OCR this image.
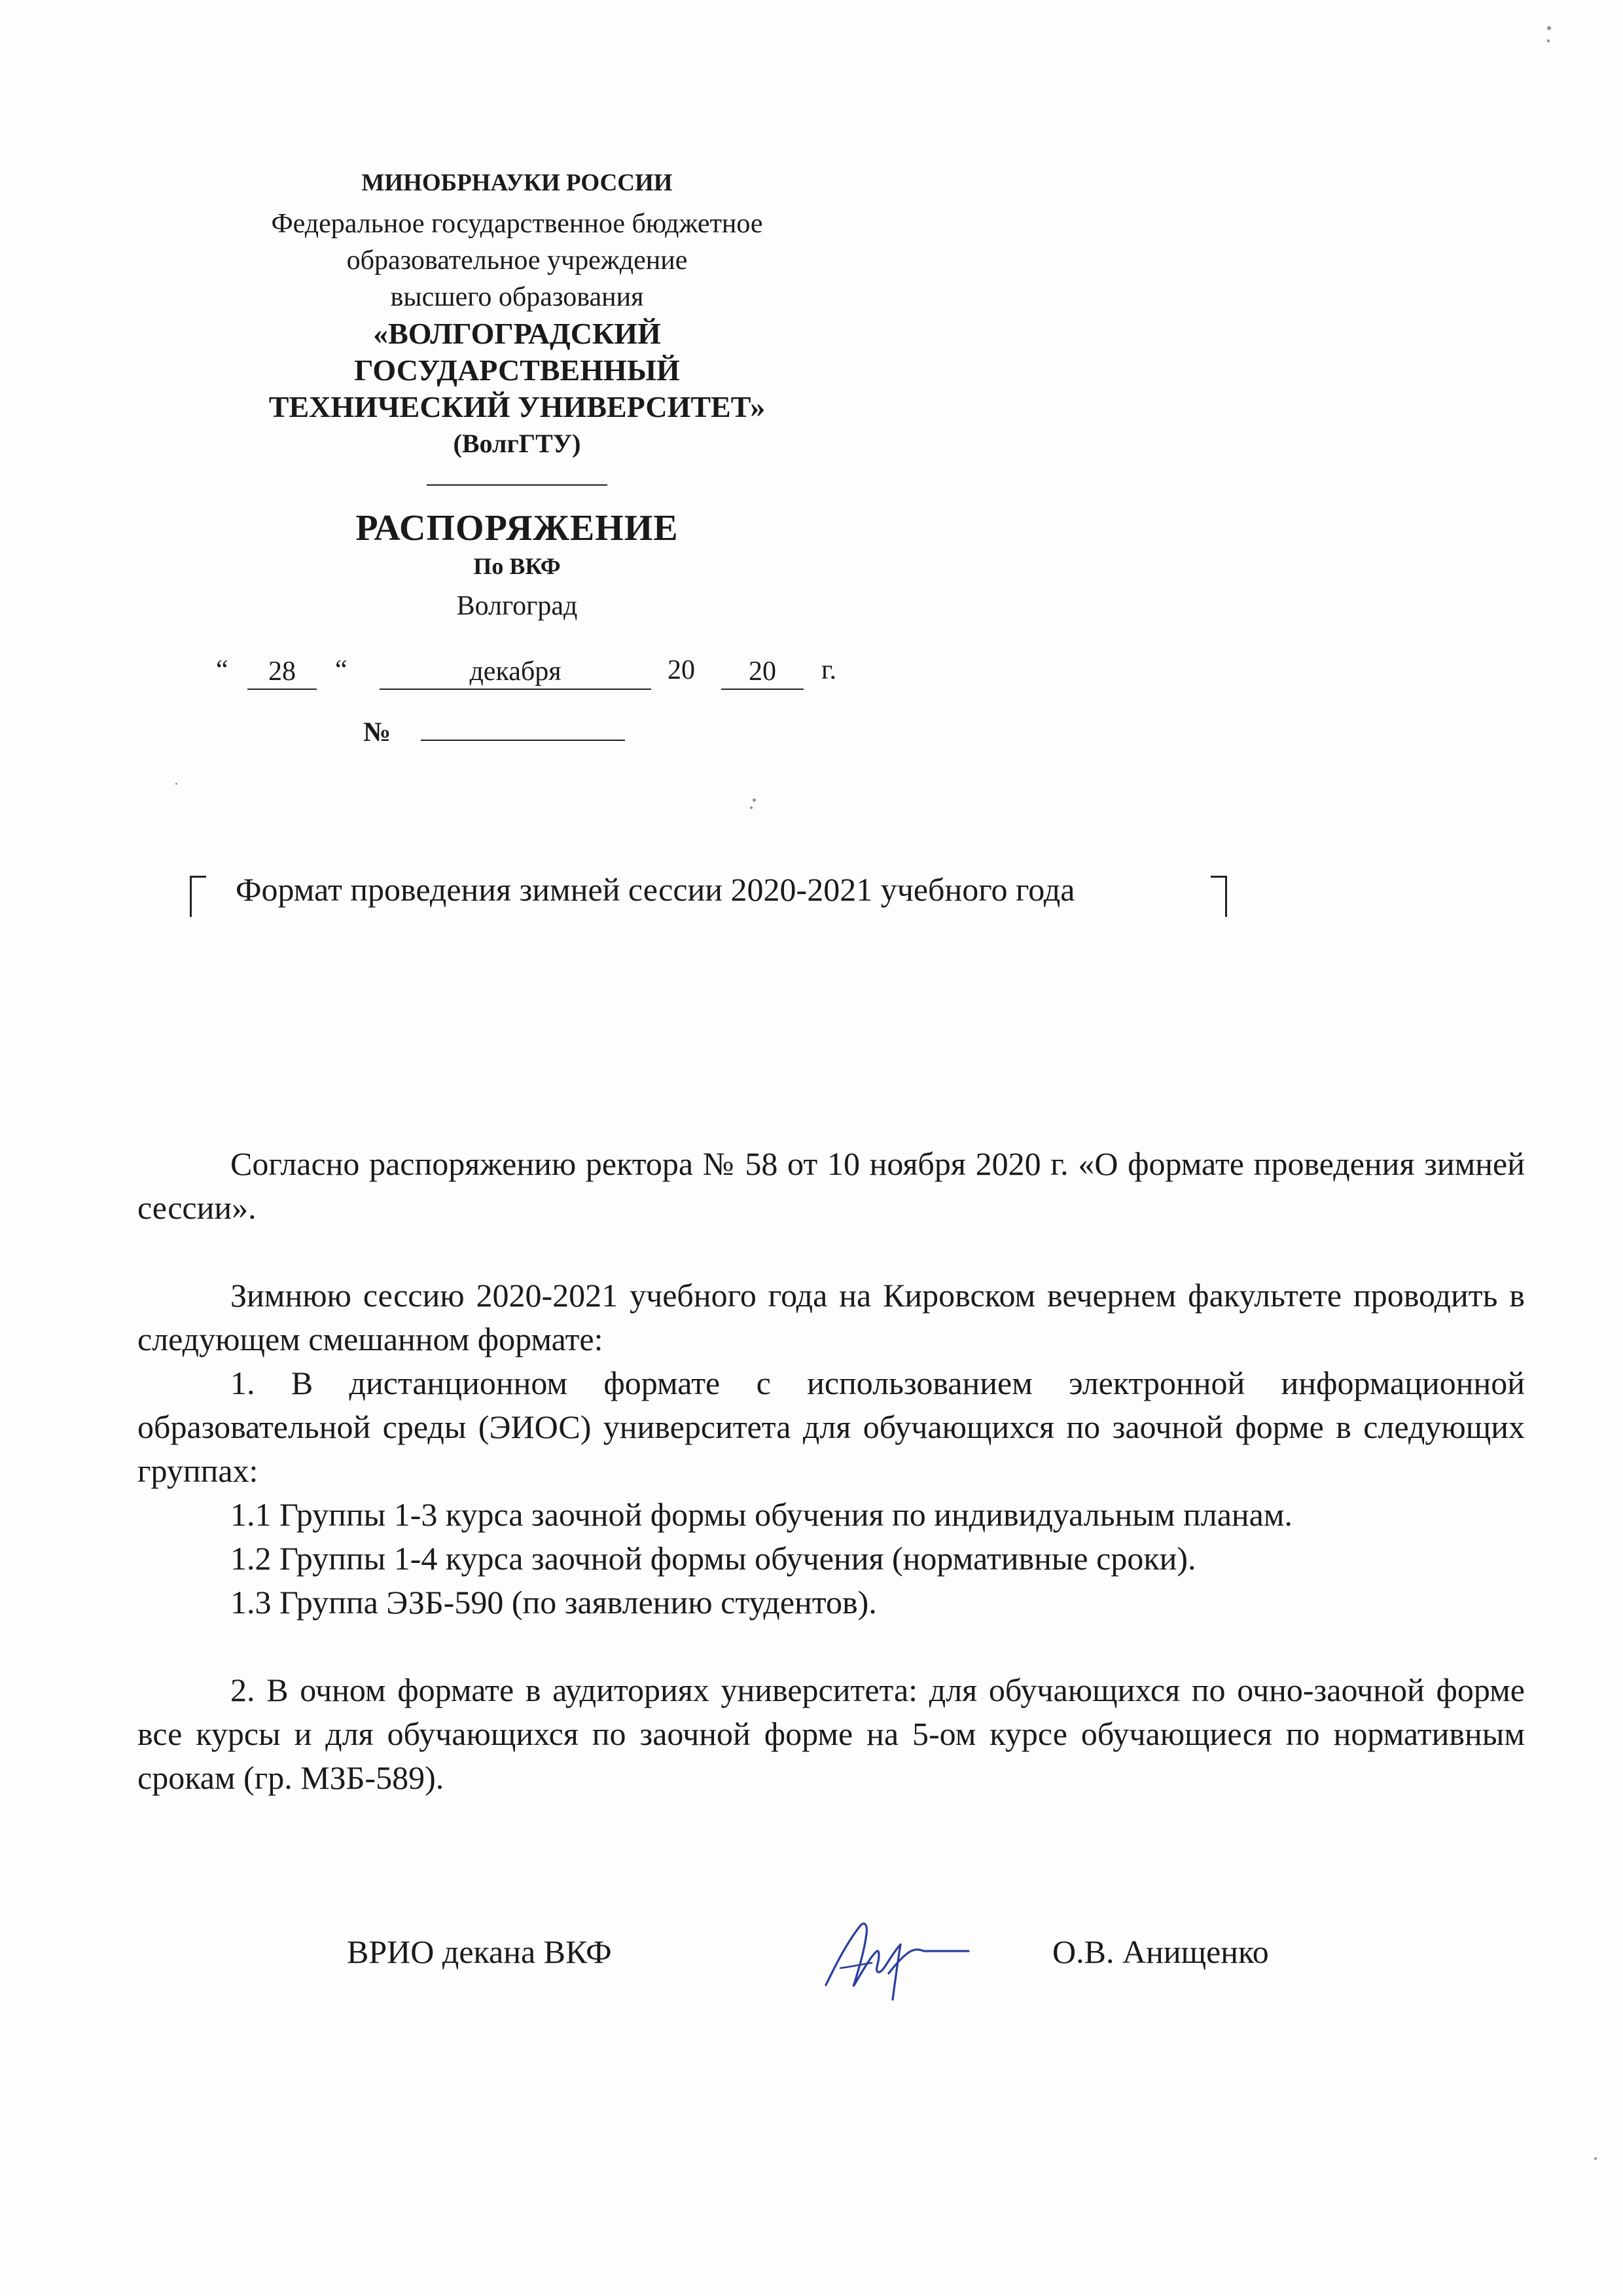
МИНОБРНАУКИ РОССИИ
Федеральное государственное бюджетное
образовательное учреждение
высшего образования
«ВОЛГОГРАДСКИЙ
ГОСУДАРСТВЕННЫЙ
ТЕХНИЧЕСКИЙ УНИВЕРСИТЕТ»
(ВолгГТУ)
РАСПОРЯЖЕНИЕ
По ВКФ
Волгоград
“	28	“	декабря	20	20	г.
№
Формат проведения зимней сессии 2020-2021 учебного года
Согласно распоряжению ректора № 58 от 10 ноября 2020 г. «О формате проведения зимней сессии».
Зимнюю сессию 2020-2021 учебного года на Кировском вечернем факультете проводить в следующем смешанном формате:
1. В дистанционном формате с использованием электронной информационной образовательной среды (ЭИОС) университета для обучающихся по заочной форме в следующих группах:
1.1 Группы 1-3 курса заочной формы обучения по индивидуальным планам.
1.2 Группы 1-4 курса заочной формы обучения (нормативные сроки).
1.3 Группа ЭЗБ-590 (по заявлению студентов).
2. В очном формате в аудиториях университета: для обучающихся по очно-заочной форме все курсы и для обучающихся по заочной форме на 5-ом курсе обучающиеся по нормативным срокам (гр. МЗБ-589).
ВРИО декана ВКФ	О.В. Анищенко
